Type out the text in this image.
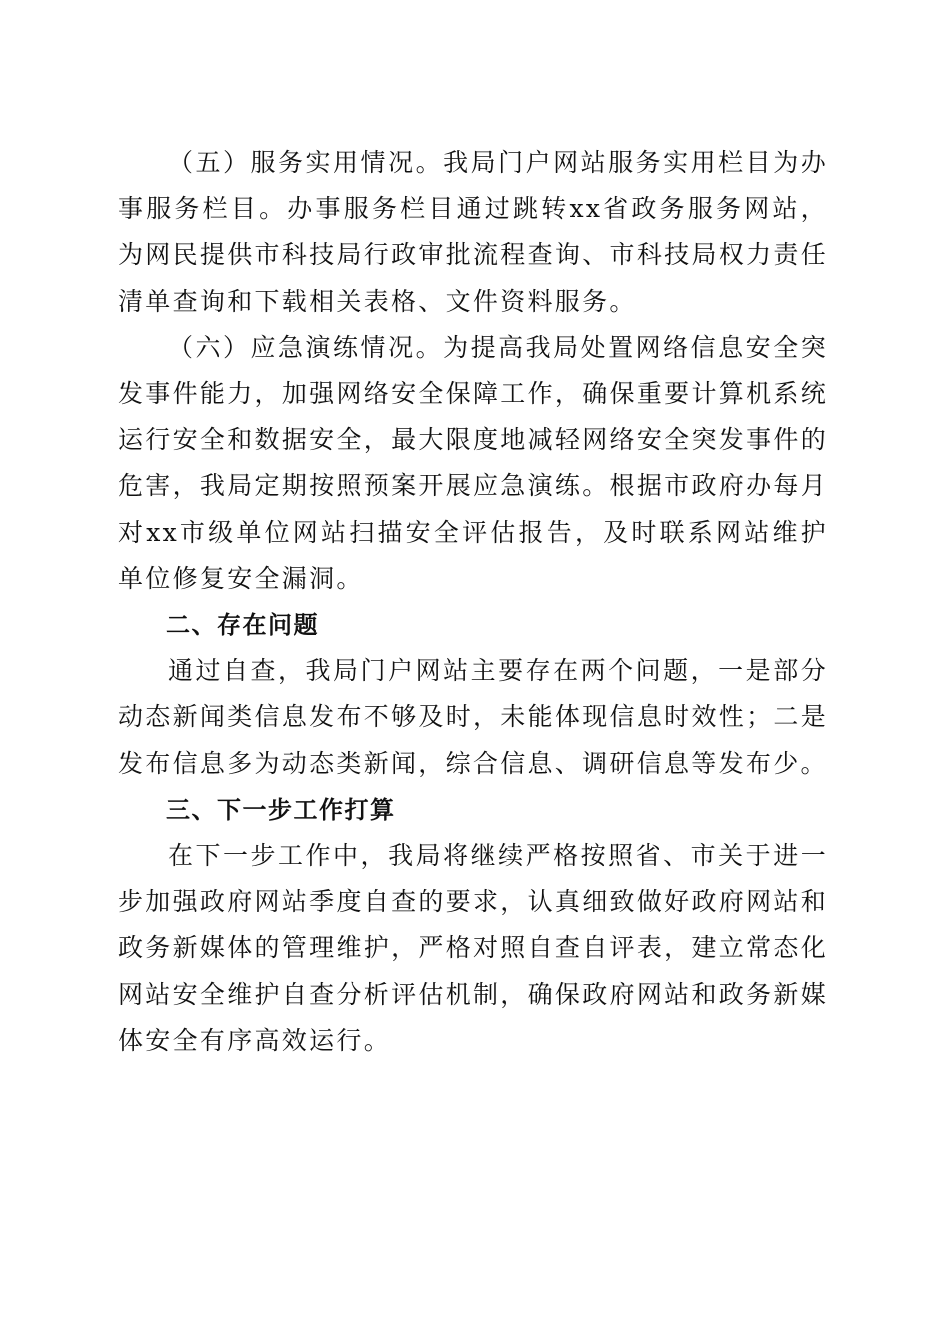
（五）服务实用情况。我局门户网站服务实用栏目为办事服务栏目。办事服务栏目通过跳转xx省政务服务网站，为网民提供市科技局行政审批流程查询、市科技局权力责任清单查询和下载相关表格、文件资料服务。

（六）应急演练情况。为提高我局处置网络信息安全突发事件能力，加强网络安全保障工作，确保重要计算机系统运行安全和数据安全，最大限度地减轻网络安全突发事件的危害，我局定期按照预案开展应急演练。根据市政府办每月对xx市级单位网站扫描安全评估报告，及时联系网站维护单位修复安全漏洞。

二、存在问题

通过自查，我局门户网站主要存在两个问题，一是部分动态新闻类信息发布不够及时，未能体现信息时效性；二是发布信息多为动态类新闻，综合信息、调研信息等发布少。

三、下一步工作打算

在下一步工作中，我局将继续严格按照省、市关于进一步加强政府网站季度自查的要求，认真细致做好政府网站和政务新媒体的管理维护，严格对照自查自评表，建立常态化网站安全维护自查分析评估机制，确保政府网站和政务新媒体安全有序高效运行。
